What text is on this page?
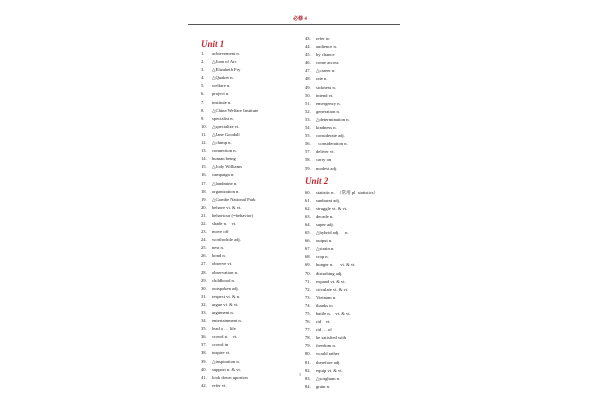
必修 4
Unit 1
1. achievement n.
2. △Joan of Arc
3. △Elizabeth Fry
4. △Quaker n.
5. welfare n.
6. project n.
7. institute n.
8. △China Welfare Institute
9. specialist n.
10. △specialize vi.
11. △Jane Goodall
12. △chimp n.
13. connection n.
14. human being
15. △Jody Williams
16. campaign n.
17. △landmine n.
18. organization n.
19. △Gombe National Park
20. behave vi. & vt.
21. behaviour (=behavior)
22. shade n.    vt.
23. move off
24. worthwhile adj.
25. nest n.
26. bond n.
27. observe vt.
28. observation n.
29. childhood n.
30. outspoken adj.
31. respect vt. & n.
32. argue vi. & vt.
33. argument n.
34. entertainment n.
35. lead a … life
36. crowd n.    vt.
37. crowd in
38. inspire vt.
39. △inspiration n.
40. support n. & vt.
41. look down upon/on
42. refer vi.
43. refer to
44. audience n.
45. by chance
46. come across
47. △career n.
48. rate n.
49. sickness n.
50. intend vt.
51. emergency n.
52. generation n.
53. △determination n.
54. kindness n.
55. considerate adj.
56.  consideration n.
57. deliver vt.
58. carry on
59. modest adj.
Unit 2
60. statistic n.  （常用 pl  statistics）
61. sunburnt adj.
62. struggle vt. & vi.
63. decade n.
64. super adj.
65. △hybrid adj.     n.
66. output n.
67. △strain n.
68. crop n.
69. hunger n.      vi. & vt.
70. disturbing adj.
71. expand vt. & vi.
72. circulate vt. & vi.
73. Vietnam n.
74. thanks to
75. battle n.    vt. & vi.
76. rid    vt.
77. rid … of
78. be satisfied with
79. freedom n.
80. would rather
81. therefore adj.
82. equip vt. & vi.
83. △sorghum n.
84. grain n.
1
